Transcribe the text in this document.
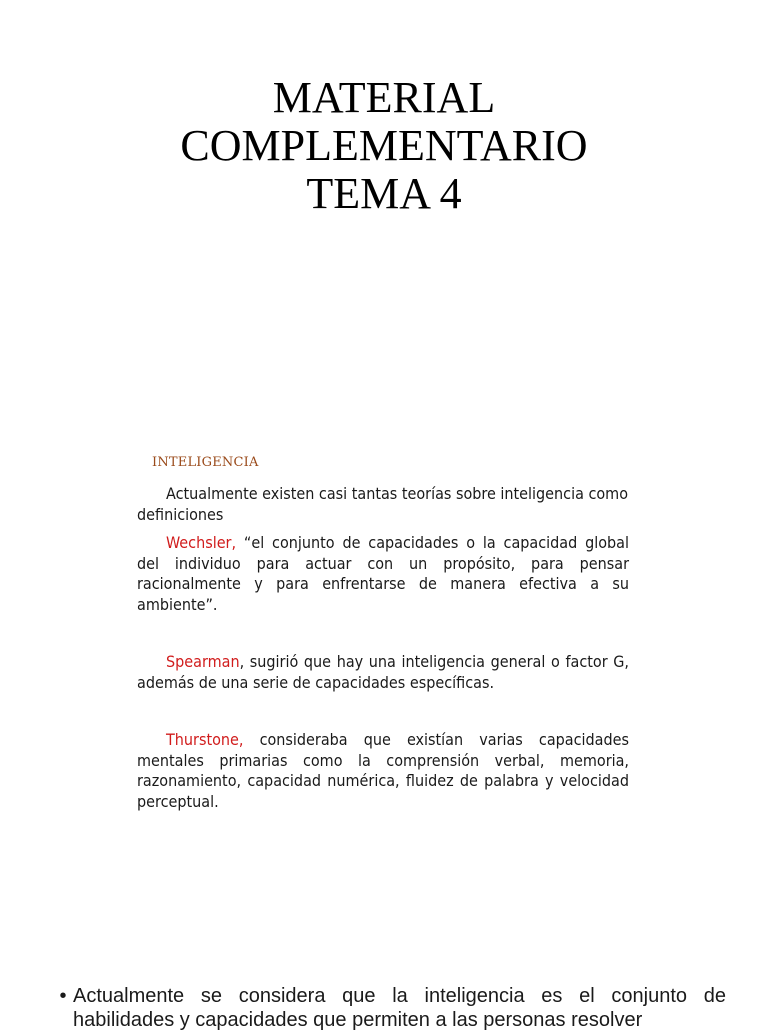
MATERIAL
COMPLEMENTARIO
TEMA 4
INTELIGENCIA

Actualmente existen casi tantas teorías sobre inteligencia como definiciones

Wechsler, “el conjunto de capacidades o la capacidad global del individuo para actuar con un propósito, para pensar racionalmente y para enfrentarse de manera efectiva a su ambiente”.

Spearman, sugirió que hay una inteligencia general o factor G, además de una serie de capacidades específicas.

Thurstone, consideraba que existían varias capacidades mentales primarias como la comprensión verbal, memoria, razonamiento, capacidad numérica, fluidez de palabra y velocidad perceptual.

• Actualmente se considera que la inteligencia es el conjunto de habilidades y capacidades que permiten a las personas resolver
